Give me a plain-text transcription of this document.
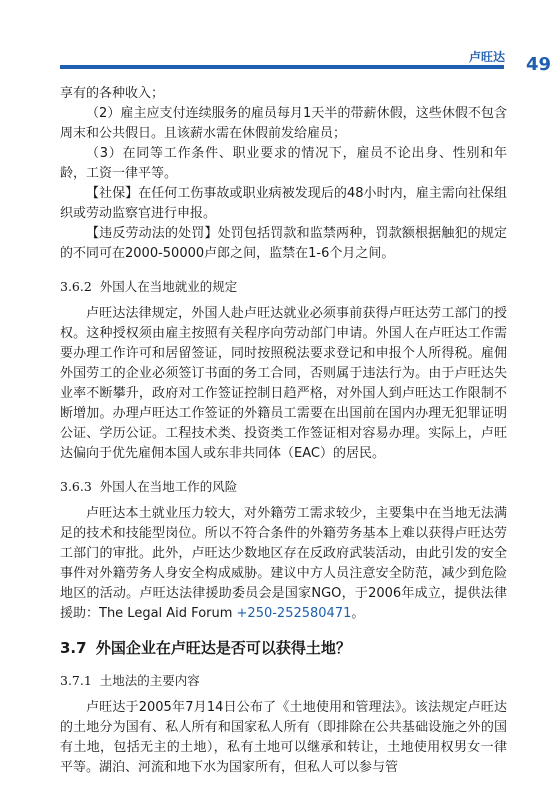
卢旺达 49

享有的各种收入；

（2）雇主应支付连续服务的雇员每月1天半的带薪休假，这些休假不包含周末和公共假日。且该薪水需在休假前发给雇员；

（3）在同等工作条件、职业要求的情况下，雇员不论出身、性别和年龄，工资一律平等。

【社保】在任何工伤事故或职业病被发现后的48小时内，雇主需向社保组织或劳动监察官进行申报。

【违反劳动法的处罚】处罚包括罚款和监禁两种，罚款额根据触犯的规定的不同可在2000-50000卢郎之间，监禁在1-6个月之间。

3.6.2 外国人在当地就业的规定

卢旺达法律规定，外国人赴卢旺达就业必须事前获得卢旺达劳工部门的授权。这种授权须由雇主按照有关程序向劳动部门申请。外国人在卢旺达工作需要办理工作许可和居留签证，同时按照税法要求登记和申报个人所得税。雇佣外国劳工的企业必须签订书面的务工合同，否则属于违法行为。由于卢旺达失业率不断攀升，政府对工作签证控制日趋严格，对外国人到卢旺达工作限制不断增加。办理卢旺达工作签证的外籍员工需要在出国前在国内办理无犯罪证明公证、学历公证。工程技术类、投资类工作签证相对容易办理。实际上，卢旺达偏向于优先雇佣本国人或东非共同体（EAC）的居民。

3.6.3 外国人在当地工作的风险

卢旺达本土就业压力较大，对外籍劳工需求较少，主要集中在当地无法满足的技术和技能型岗位。所以不符合条件的外籍劳务基本上难以获得卢旺达劳工部门的审批。此外，卢旺达少数地区存在反政府武装活动，由此引发的安全事件对外籍劳务人身安全构成威胁。建议中方人员注意安全防范，减少到危险地区的活动。卢旺达法律援助委员会是国家NGO，于2006年成立，提供法律援助：The Legal Aid Forum +250-252580471。

3.7 外国企业在卢旺达是否可以获得土地？
3.7.1 土地法的主要内容

卢旺达于2005年7月14日公布了《土地使用和管理法》。该法规定卢旺达的土地分为国有、私人所有和国家私人所有（即排除在公共基础设施之外的国有土地，包括无主的土地），私有土地可以继承和转让，土地使用权男女一律平等。湖泊、河流和地下水为国家所有，但私人可以参与管
